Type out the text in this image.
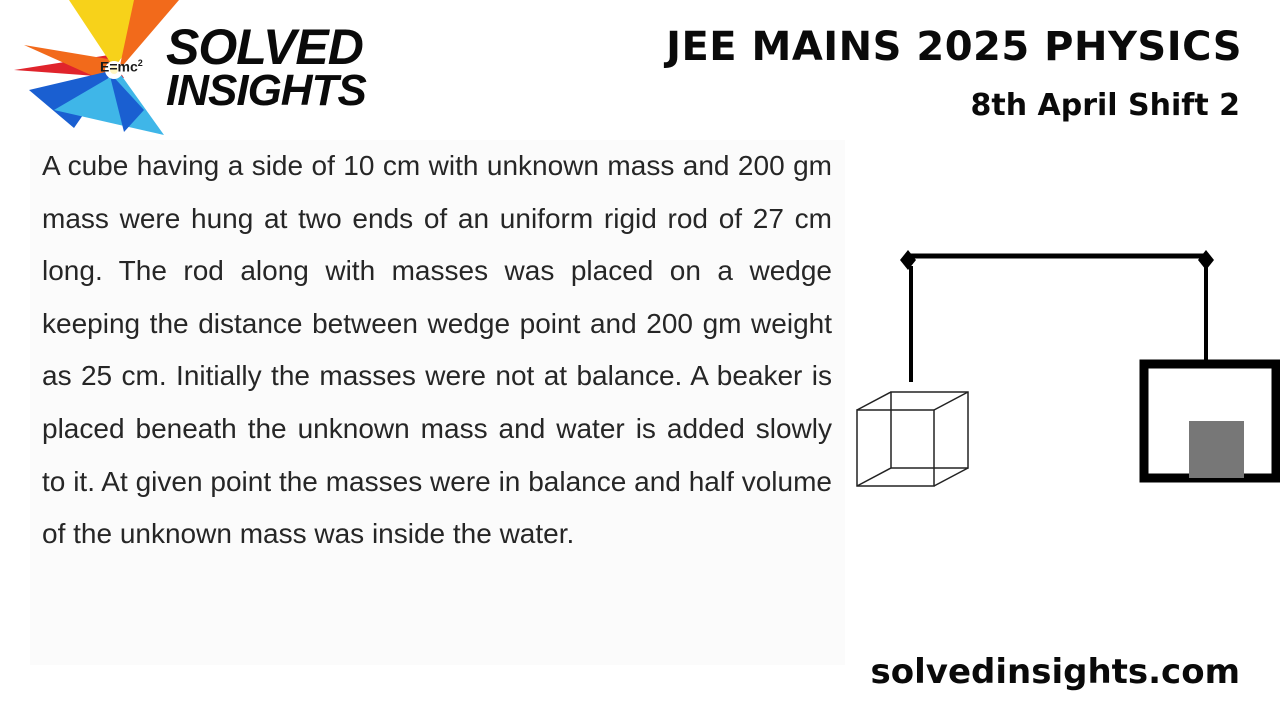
$E=mc^2$ SOLVED
INSIGHTS
JEE MAINS 2025 PHYSICS
8th April Shift 2

A cube having a side of 10 cm with unknown mass and 200 gm mass were hung at two ends of an uniform rigid rod of 27 cm long. The rod along with masses was placed on a wedge keeping the distance between wedge point and 200 gm weight as 25 cm. Initially the masses were not at balance. A beaker is placed beneath the unknown mass and water is added slowly to it. At given point the masses were in balance and half volume of the unknown mass was inside the water.

solvedinsights.com
